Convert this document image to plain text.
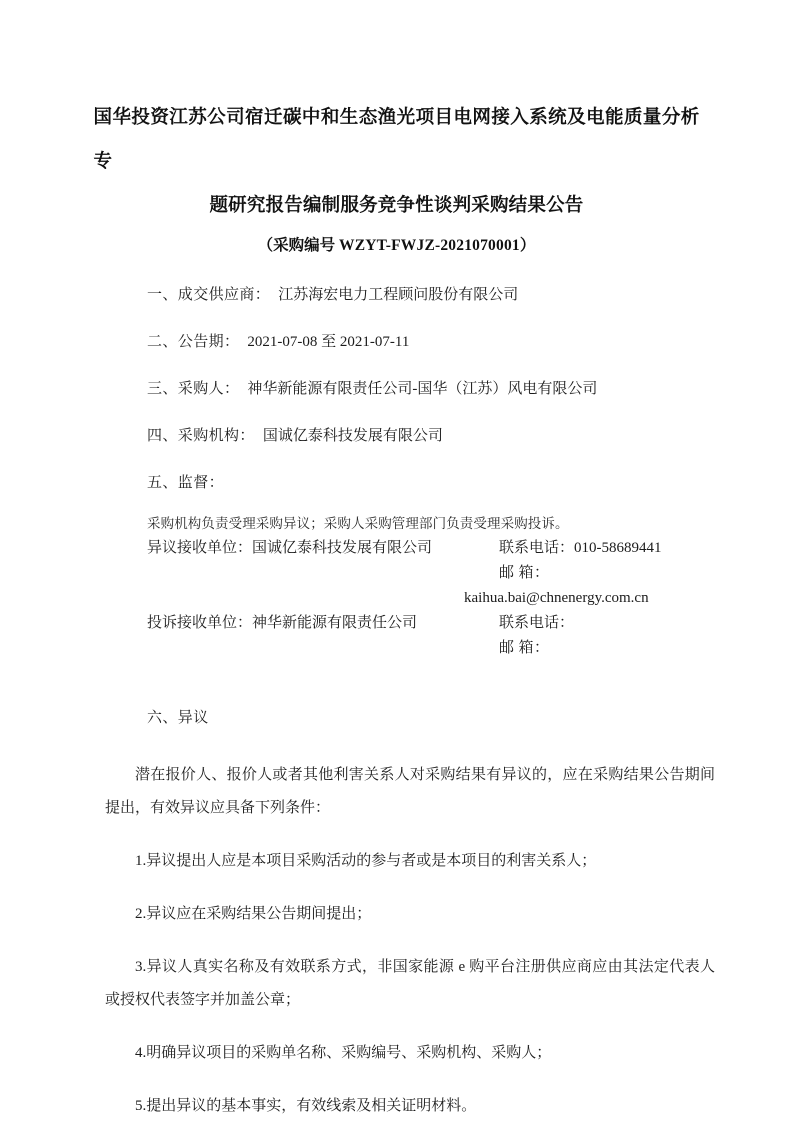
国华投资江苏公司宿迁碳中和生态渔光项目电网接入系统及电能质量分析专
题研究报告编制服务竞争性谈判采购结果公告
（采购编号 WZYT-FWJZ-2021070001）

一、成交供应商： 江苏海宏电力工程顾问股份有限公司

二、公告期： 2021-07-08 至 2021-07-11

三、采购人： 神华新能源有限责任公司-国华（江苏）风电有限公司

四、采购机构： 国诚亿泰科技发展有限公司

五、监督：

采购机构负责受理采购异议；采购人采购管理部门负责受理采购投诉。

异议接收单位：国诚亿泰科技发展有限公司	联系电话：010-58689441
邮 箱：
kaihua.bai@chnenergy.com.cn
投诉接收单位：神华新能源有限责任公司	联系电话：
邮 箱：

六、异议

潜在报价人、报价人或者其他利害关系人对采购结果有异议的，应在采购结果公告期间提出，有效异议应具备下列条件：

1.异议提出人应是本项目采购活动的参与者或是本项目的利害关系人；

2.异议应在采购结果公告期间提出；

3.异议人真实名称及有效联系方式，非国家能源 e 购平台注册供应商应由其法定代表人或授权代表签字并加盖公章；

4.明确异议项目的采购单名称、采购编号、采购机构、采购人；

5.提出异议的基本事实，有效线索及相关证明材料。
